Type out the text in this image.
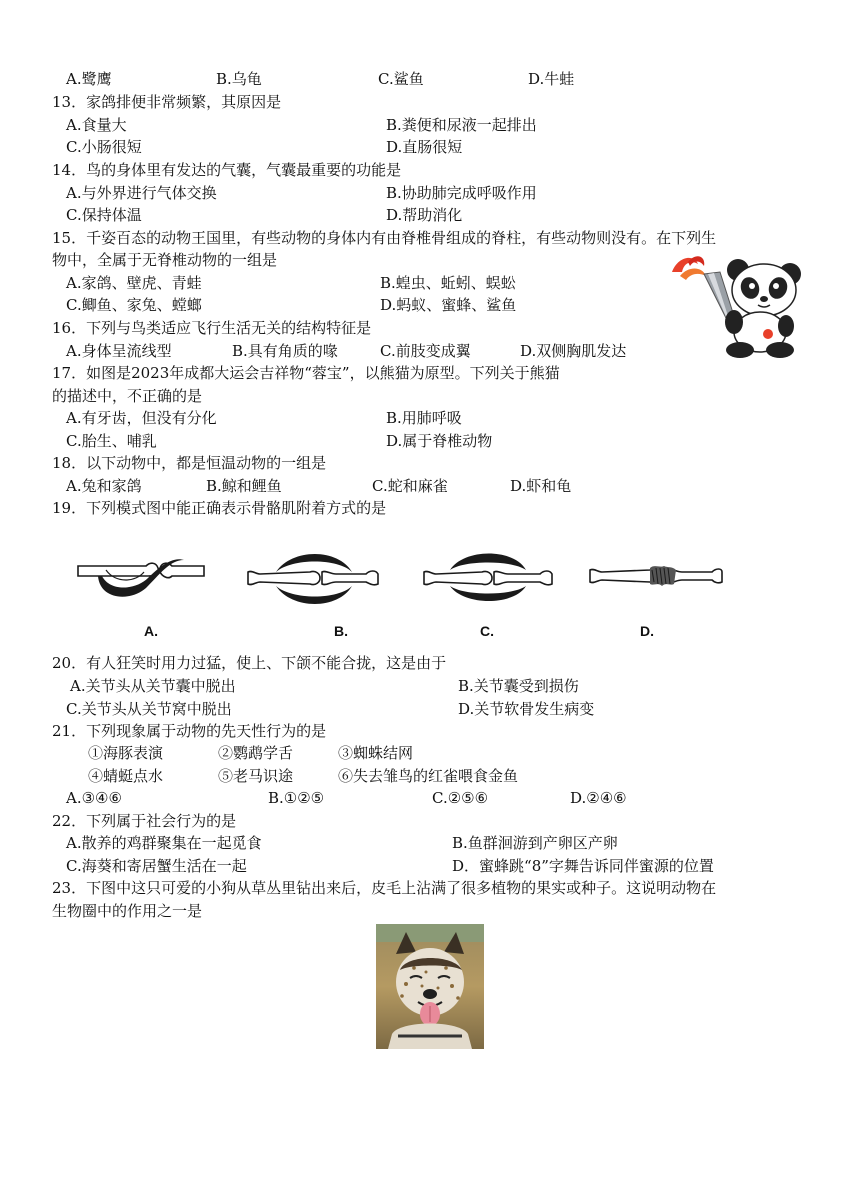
A.鹭鹰	B.乌龟	C.鲨鱼	D.牛蛙
13．家鸽排便非常频繁，其原因是
A.食量大	B.粪便和尿液一起排出
C.小肠很短	D.直肠很短
14．鸟的身体里有发达的气囊，气囊最重要的功能是
A.与外界进行气体交换	B.协助肺完成呼吸作用
C.保持体温	D.帮助消化
15．千姿百态的动物王国里，有些动物的身体内有由脊椎骨组成的脊柱，有些动物则没有。在下列生
物中，全属于无脊椎动物的一组是
A.家鸽、壁虎、青蛙	B.蝗虫、蚯蚓、蜈蚣
C.鲫鱼、家兔、螳螂	D.蚂蚁、蜜蜂、鲨鱼
16．下列与鸟类适应飞行生活无关的结构特征是
A.身体呈流线型	B.具有角质的喙	C.前肢变成翼	D.双侧胸肌发达
17．如图是2023年成都大运会吉祥物“蓉宝”，以熊猫为原型。下列关于熊猫
的描述中，不正确的是
A.有牙齿，但没有分化	B.用肺呼吸
C.胎生、哺乳	D.属于脊椎动物
18．以下动物中，都是恒温动物的一组是
A.兔和家鸽	B.鲸和鲤鱼	C.蛇和麻雀	D.虾和龟
19．下列模式图中能正确表示骨骼肌附着方式的是
A.	B.	C.	D.
20．有人狂笑时用力过猛，使上、下颌不能合拢，这是由于
A.关节头从关节囊中脱出	B.关节囊受到损伤
C.关节头从关节窝中脱出	D.关节软骨发生病变
21．下列现象属于动物的先天性行为的是
①海豚表演	②鹦鹉学舌	③蜘蛛结网
④蜻蜓点水	⑤老马识途	⑥失去雏鸟的红雀喂食金鱼
A.③④⑥	B.①②⑤	C.②⑤⑥	D.②④⑥
22．下列属于社会行为的是
A.散养的鸡群聚集在一起觅食	B.鱼群洄游到产卵区产卵
C.海葵和寄居蟹生活在一起	D．蜜蜂跳“8”字舞告诉同伴蜜源的位置
23．下图中这只可爱的小狗从草丛里钻出来后，皮毛上沾满了很多植物的果实或种子。这说明动物在
生物圈中的作用之一是
